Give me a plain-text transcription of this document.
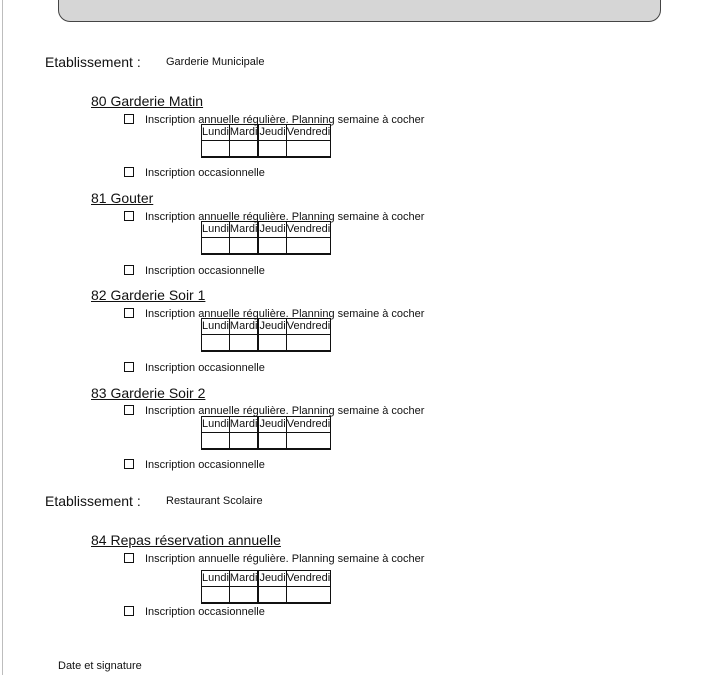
Etablissement : Garderie Municipale
80 Garderie Matin
Inscription annuelle régulière. Planning semaine à cocher
Lundi	Mardi		Jeudi	Vendredi

Inscription occasionnelle
81 Gouter
Inscription annuelle régulière. Planning semaine à cocher
Lundi	Mardi		Jeudi	Vendredi

Inscription occasionnelle
82 Garderie Soir 1
Inscription annuelle régulière. Planning semaine à cocher
Lundi	Mardi		Jeudi	Vendredi

Inscription occasionnelle
83 Garderie Soir 2
Inscription annuelle régulière. Planning semaine à cocher
Lundi	Mardi		Jeudi	Vendredi

Inscription occasionnelle
Etablissement : Restaurant Scolaire
84 Repas réservation annuelle
Inscription annuelle régulière. Planning semaine à cocher
Lundi	Mardi		Jeudi	Vendredi

Inscription occasionnelle
Date et signature
